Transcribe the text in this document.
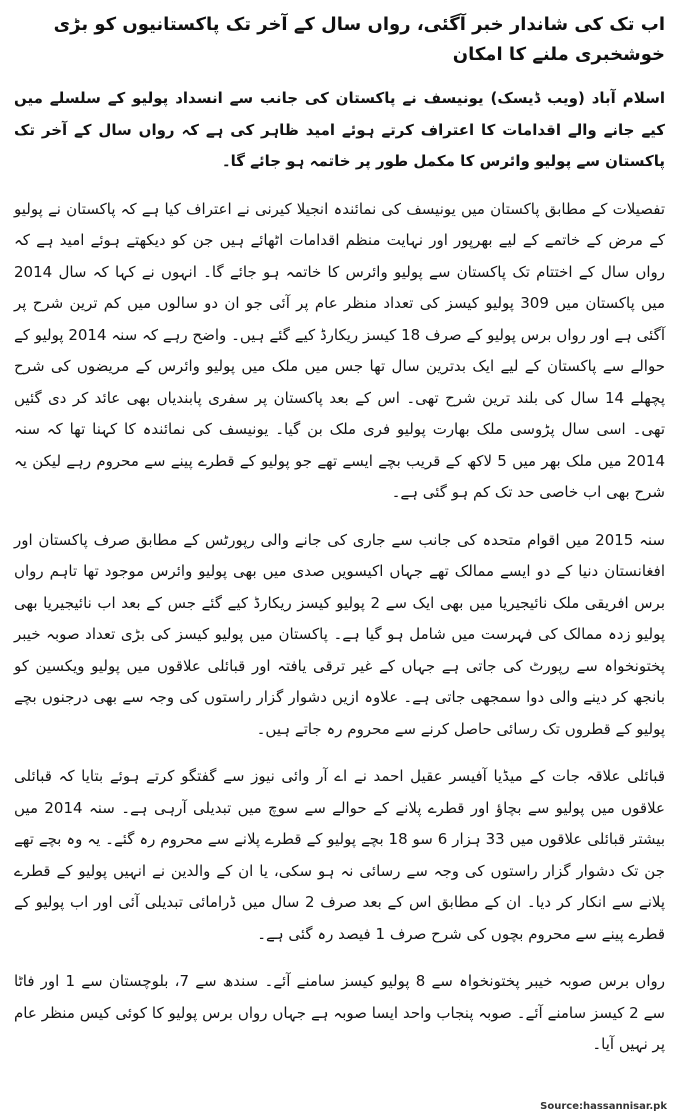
اب تک کی شاندار خبر آگئی، رواں سال کے آخر تک پاکستانیوں کو بڑی خوشخبری ملنے کا امکان

اسلام آباد (ویب ڈیسک) یونیسف نے پاکستان کی جانب سے انسداد پولیو کے سلسلے میں کیے جانے والے اقدامات کا اعتراف کرتے ہوئے امید ظاہر کی ہے کہ رواں سال کے آخر تک پاکستان سے پولیو وائرس کا مکمل طور پر خاتمہ ہو جائے گا۔

تفصیلات کے مطابق پاکستان میں یونیسف کی نمائندہ انجیلا کیرنی نے اعتراف کیا ہے کہ پاکستان نے پولیو کے مرض کے خاتمے کے لیے بھرپور اور نہایت منظم اقدامات اٹھائے ہیں جن کو دیکھتے ہوئے امید ہے کہ رواں سال کے اختتام تک پاکستان سے پولیو وائرس کا خاتمہ ہو جائے گا۔ انہوں نے کہا کہ سال 2014 میں پاکستان میں 309 پولیو کیسز کی تعداد منظر عام پر آئی جو ان دو سالوں میں کم ترین شرح پر آگئی ہے اور رواں برس پولیو کے صرف 18 کیسز ریکارڈ کیے گئے ہیں۔ واضح رہے کہ سنہ 2014 پولیو کے حوالے سے پاکستان کے لیے ایک بدترین سال تھا جس میں ملک میں پولیو وائرس کے مریضوں کی شرح پچھلے 14 سال کی بلند ترین شرح تھی۔ اس کے بعد پاکستان پر سفری پابندیاں بھی عائد کر دی گئیں تھی۔ اسی سال پڑوسی ملک بھارت پولیو فری ملک بن گیا۔ یونیسف کی نمائندہ کا کہنا تھا کہ سنہ 2014 میں ملک بھر میں 5 لاکھ کے قریب بچے ایسے تھے جو پولیو کے قطرے پینے سے محروم رہے لیکن یہ شرح بھی اب خاصی حد تک کم ہو گئی ہے۔

سنہ 2015 میں اقوام متحدہ کی جانب سے جاری کی جانے والی رپورٹس کے مطابق صرف پاکستان اور افغانستان دنیا کے دو ایسے ممالک تھے جہاں اکیسویں صدی میں بھی پولیو وائرس موجود تھا تاہم رواں برس افریقی ملک نائیجیریا میں بھی ایک سے 2 پولیو کیسز ریکارڈ کیے گئے جس کے بعد اب نائیجیریا بھی پولیو زدہ ممالک کی فہرست میں شامل ہو گیا ہے۔ پاکستان میں پولیو کیسز کی بڑی تعداد صوبہ خیبر پختونخواہ سے رپورٹ کی جاتی ہے جہاں کے غیر ترقی یافتہ اور قبائلی علاقوں میں پولیو ویکسین کو بانجھ کر دینے والی دوا سمجھی جاتی ہے۔ علاوہ ازیں دشوار گزار راستوں کی وجہ سے بھی درجنوں بچے پولیو کے قطروں تک رسائی حاصل کرنے سے محروم رہ جاتے ہیں۔

قبائلی علاقہ جات کے میڈیا آفیسر عقیل احمد نے اے آر وائی نیوز سے گفتگو کرتے ہوئے بتایا کہ قبائلی علاقوں میں پولیو سے بچاؤ اور قطرے پلانے کے حوالے سے سوچ میں تبدیلی آرہی ہے۔ سنہ 2014 میں بیشتر قبائلی علاقوں میں 33 ہزار 6 سو 18 بچے پولیو کے قطرے پلانے سے محروم رہ گئے۔ یہ وہ بچے تھے جن تک دشوار گزار راستوں کی وجہ سے رسائی نہ ہو سکی، یا ان کے والدین نے انہیں پولیو کے قطرے پلانے سے انکار کر دیا۔ ان کے مطابق اس کے بعد صرف 2 سال میں ڈرامائی تبدیلی آئی اور اب پولیو کے قطرے پینے سے محروم بچوں کی شرح صرف 1 فیصد رہ گئی ہے۔

رواں برس صوبہ خیبر پختونخواہ سے 8 پولیو کیسز سامنے آئے۔ سندھ سے 7، بلوچستان سے 1 اور فاٹا سے 2 کیسز سامنے آئے۔ صوبہ پنجاب واحد ایسا صوبہ ہے جہاں رواں برس پولیو کا کوئی کیس منظر عام پر نہیں آیا۔

Source:hassannisar.pk
